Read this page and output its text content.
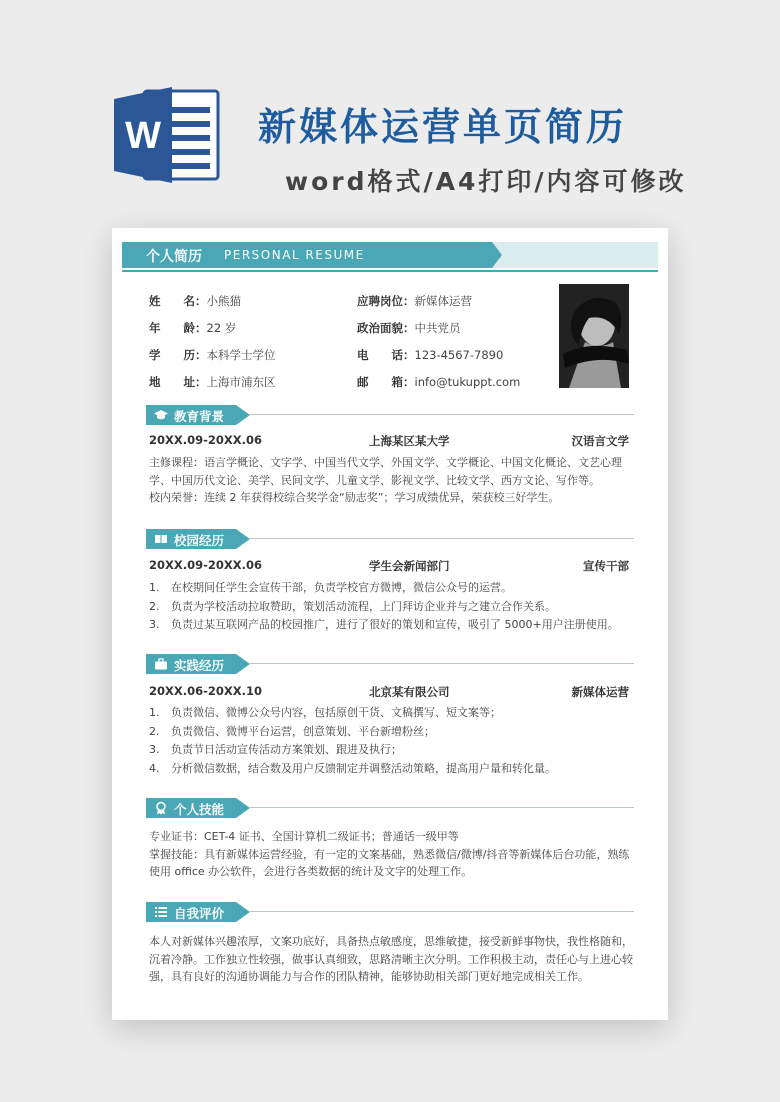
W	新媒体运营单页简历
word格式/A4打印/内容可修改
个人简历 PERSONAL RESUME
姓　　名：小熊猫
年　　龄：22 岁
学　　历：本科学士学位
地　　址：上海市浦东区
应聘岗位：新媒体运营
政治面貌：中共党员
电　　话：123-4567-7890
邮　　箱：info@tukuppt.com
教育背景
20XX.09-20XX.06	上海某区某大学	汉语言文学

主修课程：语言学概论、文字学、中国当代文学、外国文学、文学概论、中国文化概论、文艺心理学、中国历代文论、美学、民间文学、儿童文学、影视文学、比较文学、西方文论、写作等。

校内荣誉：连续 2 年获得校综合奖学金“励志奖”；学习成绩优异，荣获校三好学生。

校园经历
20XX.09-20XX.06	学生会新闻部门	宣传干部
1. 在校期间任学生会宣传干部，负责学校官方微博，微信公众号的运营。
2. 负责为学校活动拉取赞助，策划活动流程，上门拜访企业并与之建立合作关系。
3. 负责过某互联网产品的校园推广，进行了很好的策划和宣传，吸引了 5000+用户注册使用。
实践经历
20XX.06-20XX.10	北京某有限公司	新媒体运营
1. 负责微信、微博公众号内容，包括原创干货、文稿撰写、短文案等；
2. 负责微信、微博平台运营，创意策划、平台新增粉丝；
3. 负责节日活动宣传活动方案策划、跟进及执行；
4. 分析微信数据，结合数及用户反馈制定并调整活动策略，提高用户量和转化量。
个人技能

专业证书：CET-4 证书、全国计算机二级证书；普通话一级甲等

掌握技能：具有新媒体运营经验，有一定的文案基础，熟悉微信/微博/抖音等新媒体后台功能，熟练使用 office 办公软件，会进行各类数据的统计及文字的处理工作。

自我评价

本人对新媒体兴趣浓厚，文案功底好，具备热点敏感度，思维敏捷，接受新鲜事物快，我性格随和，沉着冷静。工作独立性较强，做事认真细致，思路清晰主次分明。工作积极主动，责任心与上进心较强，具有良好的沟通协调能力与合作的团队精神，能够协助相关部门更好地完成相关工作。
